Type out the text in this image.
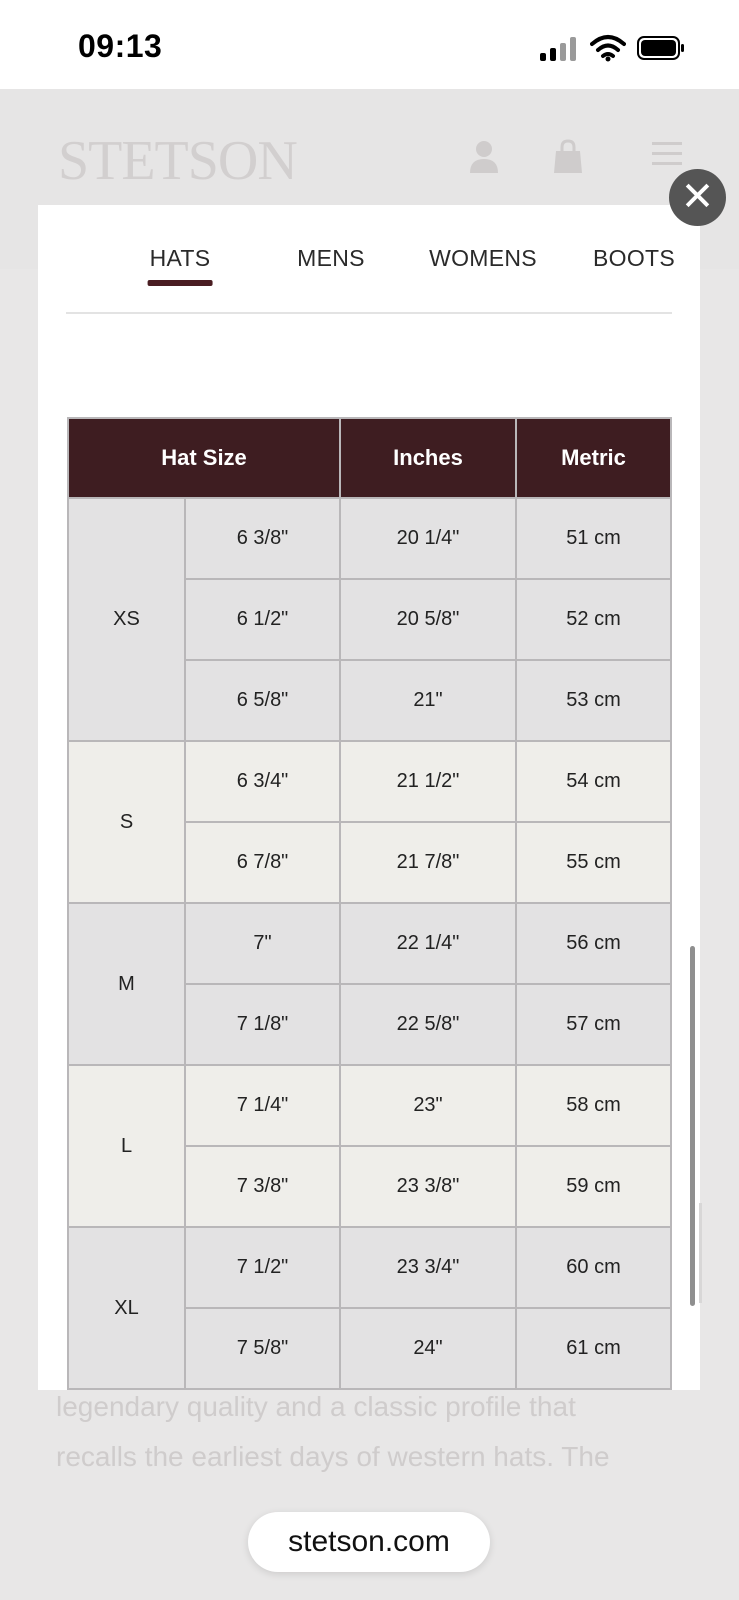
09:13
STETSON
legendary quality and a classic profile that
recalls the earliest days of western hats. The
HATS	MENS	WOMENS BOOTS
Hat Size		Inches	Metric
XS	6 3/8"	20 1/4"	51 cm
	6 1/2"	20 5/8"	52 cm
	6 5/8"	21"	53 cm
S	6 3/4"	21 1/2"	54 cm
	6 7/8"	21 7/8"	55 cm
M	7"	22 1/4"	56 cm
	7 1/8"	22 5/8"	57 cm
L	7 1/4"	23"	58 cm
	7 3/8"	23 3/8"	59 cm
XL	7 1/2"	23 3/4"	60 cm
	7 5/8"	24"	61 cm

✕
stetson.com
